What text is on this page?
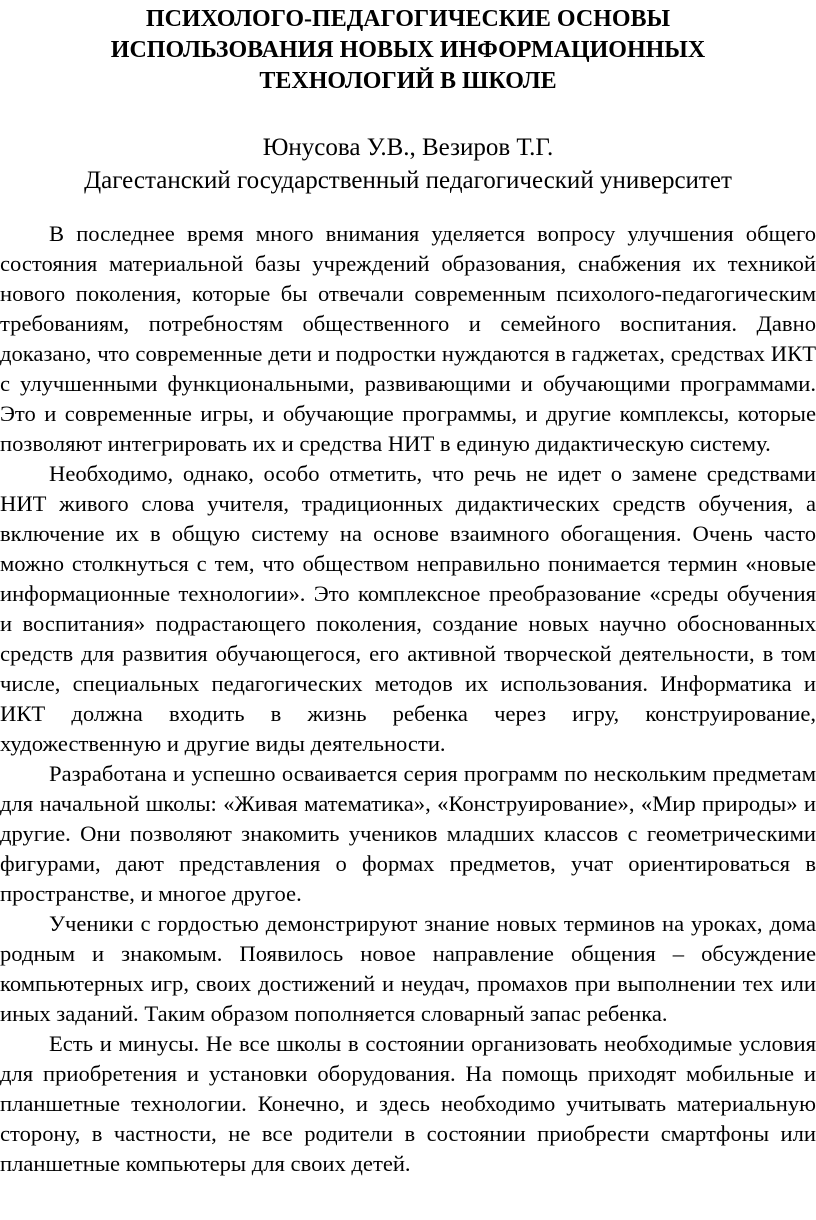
ПСИХОЛОГО-ПЕДАГОГИЧЕСКИЕ ОСНОВЫ
ИСПОЛЬЗОВАНИЯ НОВЫХ ИНФОРМАЦИОННЫХ
ТЕХНОЛОГИЙ В ШКОЛЕ
Юнусова У.В., Везиров Т.Г.
Дагестанский государственный педагогический университет

В последнее время много внимания уделяется вопросу улучшения общего состояния материальной базы учреждений образования, снабжения их техникой нового поколения, которые бы отвечали современным психолого-педагогическим требованиям, потребностям общественного и семейного воспитания. Давно доказано, что современные дети и подростки нуждаются в гаджетах, средствах ИКТ с улучшенными функциональными, развивающими и обучающими программами. Это и современные игры, и обучающие программы, и другие комплексы, которые позволяют интегрировать их и средства НИТ в единую дидактическую систему.

Необходимо, однако, особо отметить, что речь не идет о замене средствами НИТ живого слова учителя, традиционных дидактических средств обучения, а включение их в общую систему на основе взаимного обогащения. Очень часто можно столкнуться с тем, что обществом неправильно понимается термин «новые информационные технологии». Это комплексное преобразование «среды обучения и воспитания» подрастающего поколения, создание новых научно обоснованных средств для развития обучающегося, его активной творческой деятельности, в том числе, специальных педагогических методов их использования. Информатика и ИКТ должна входить в жизнь ребенка через игру, конструирование, художественную и другие виды деятельности.

Разработана и успешно осваивается серия программ по нескольким предметам для начальной школы: «Живая математика», «Конструирование», «Мир природы» и другие. Они позволяют знакомить учеников младших классов с геометрическими фигурами, дают представления о формах предметов, учат ориентироваться в пространстве, и многое другое.

Ученики с гордостью демонстрируют знание новых терминов на уроках, дома родным и знакомым. Появилось новое направление общения – обсуждение компьютерных игр, своих достижений и неудач, промахов при выполнении тех или иных заданий. Таким образом пополняется словарный запас ребенка.

Есть и минусы. Не все школы в состоянии организовать необходимые условия для приобретения и установки оборудования. На помощь приходят мобильные и планшетные технологии. Конечно, и здесь необходимо учитывать материальную сторону, в частности, не все родители в состоянии приобрести смартфоны или планшетные компьютеры для своих детей.
